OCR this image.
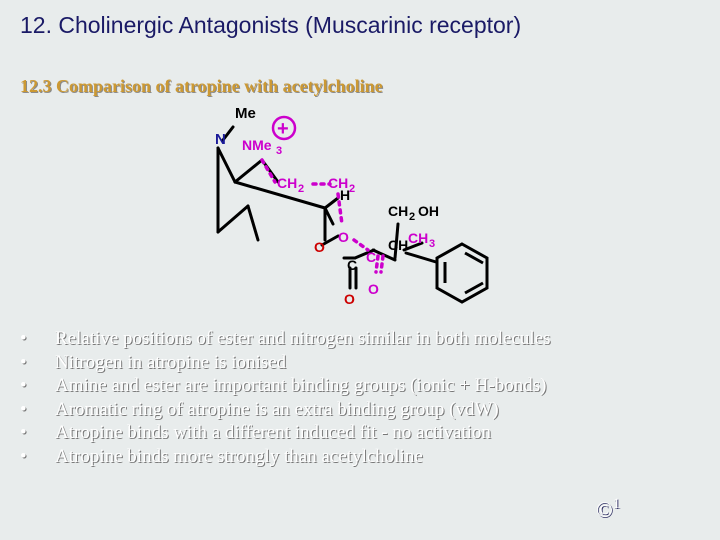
12. Cholinergic Antagonists (Muscarinic receptor)
12.3 Comparison of atropine with acetylcholine
Me
N NMe 3
+
CH 2 CH 2
H
CH 2 OH
O
O
C
CH CH 3
C
O
O
• Relative positions of ester and nitrogen similar in both molecules
• Nitrogen in atropine is ionised
• Amine and ester are important binding groups (ionic + H-bonds)
• Aromatic ring of atropine is an extra binding group (vdW)
• Atropine binds with a different induced fit - no activation
• Atropine binds more strongly than acetylcholine
©$^1$
